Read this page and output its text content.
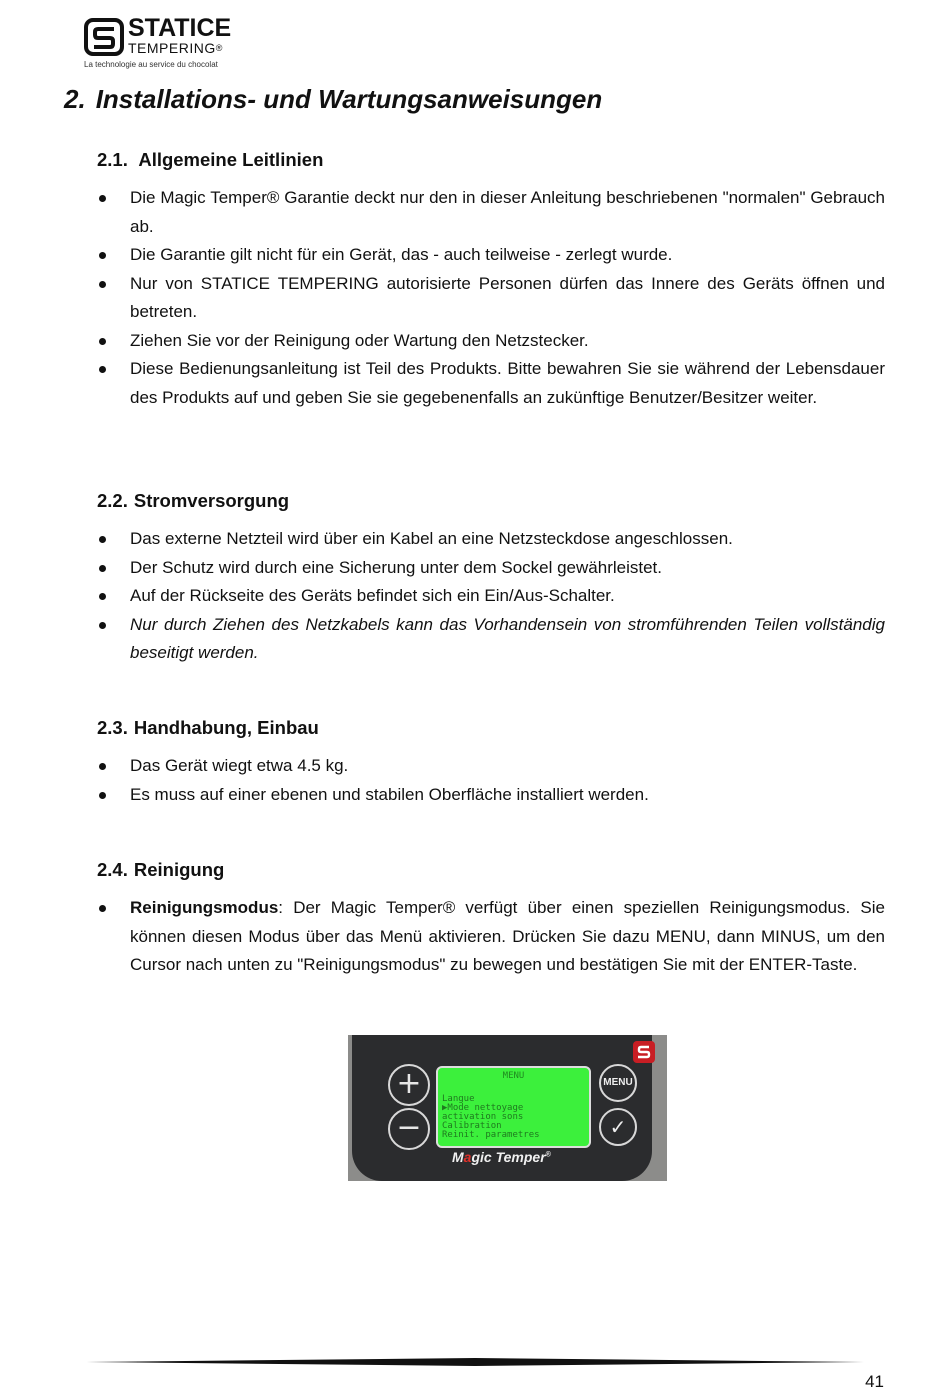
STATICE
TEMPERING®
La technologie au service du chocolat
2. Installations- und Wartungsanweisungen
2.1. Allgemeine Leitlinien
Die Magic Temper® Garantie deckt nur den in dieser Anleitung beschriebenen "normalen" Gebrauch ab.
Die Garantie gilt nicht für ein Gerät, das - auch teilweise - zerlegt wurde.
Nur von STATICE TEMPERING autorisierte Personen dürfen das Innere des Geräts öffnen und betreten.
Ziehen Sie vor der Reinigung oder Wartung den Netzstecker.
Diese Bedienungsanleitung ist Teil des Produkts. Bitte bewahren Sie sie während der Lebensdauer des Produkts auf und geben Sie sie gegebenenfalls an zukünftige Benutzer/Besitzer weiter.
2.2. Stromversorgung
Das externe Netzteil wird über ein Kabel an eine Netzsteckdose angeschlossen.
Der Schutz wird durch eine Sicherung unter dem Sockel gewährleistet.
Auf der Rückseite des Geräts befindet sich ein Ein/Aus-Schalter.
Nur durch Ziehen des Netzkabels kann das Vorhandensein von stromführenden Teilen vollständig beseitigt werden.
2.3. Handhabung, Einbau
Das Gerät wiegt etwa 4.5 kg.
Es muss auf einer ebenen und stabilen Oberfläche installiert werden.
2.4. Reinigung
Reinigungsmodus: Der Magic Temper® verfügt über einen speziellen Reinigungsmodus. Sie können diesen Modus über das Menü aktivieren. Drücken Sie dazu MENU, dann MINUS, um den Cursor nach unten zu "Reinigungsmodus" zu bewegen und bestätigen Sie mit der ENTER-Taste.
+
−
MENU
Langue
▶Mode nettoyage
activation sons
Calibration
Reinit. parametres
MENU
✓
Magic Temper®
41
